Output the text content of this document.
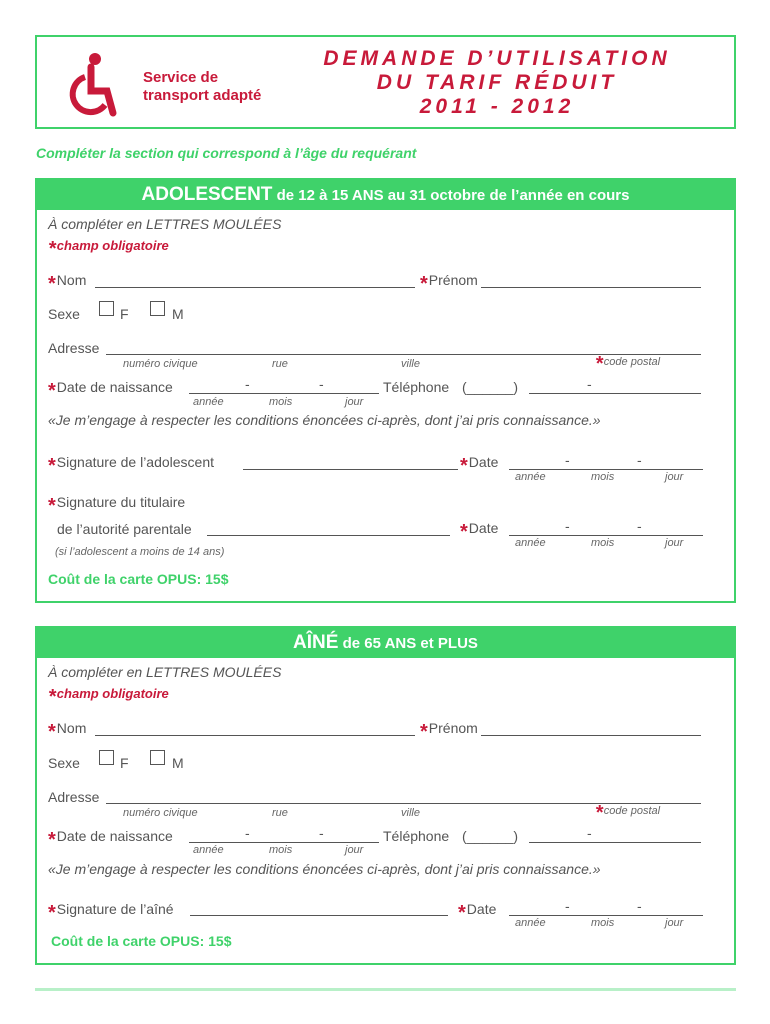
Service de
transport adapté
DEMANDE D’UTILISATION
DU TARIF RÉDUIT
2011 - 2012
Compléter la section qui correspond à l’âge du requérant
ADOLESCENT de 12 à 15 ANS au 31 octobre de l’année en cours
À compléter en LETTRES MOULÉES
*champ obligatoire
*Nom	*Prénom
Sexe	F	M
Adresse
numéro civique	rue	ville	*code postal
*Date de naissance	-	-
année	mois	jour
Téléphone (______)	-
«Je m’engage à respecter les conditions énoncées ci-après, dont j’ai pris connaissance.»
*Signature de l’adolescent	*Date	-	-
année	mois	jour
*Signature du titulaire
de l’autorité parentale	*Date	-	-
année	mois	jour
(si l’adolescent a moins de 14 ans)
Coût de la carte OPUS: 15$
AÎNÉ de 65 ANS et PLUS
À compléter en LETTRES MOULÉES
*champ obligatoire
*Nom	*Prénom
Sexe	F	M
Adresse
numéro civique	rue	ville	*code postal
*Date de naissance	-	-
année	mois	jour
Téléphone (______)	-
«Je m’engage à respecter les conditions énoncées ci-après, dont j’ai pris connaissance.»
*Signature de l’aîné	*Date	-	-
année	mois	jour
Coût de la carte OPUS: 15$
